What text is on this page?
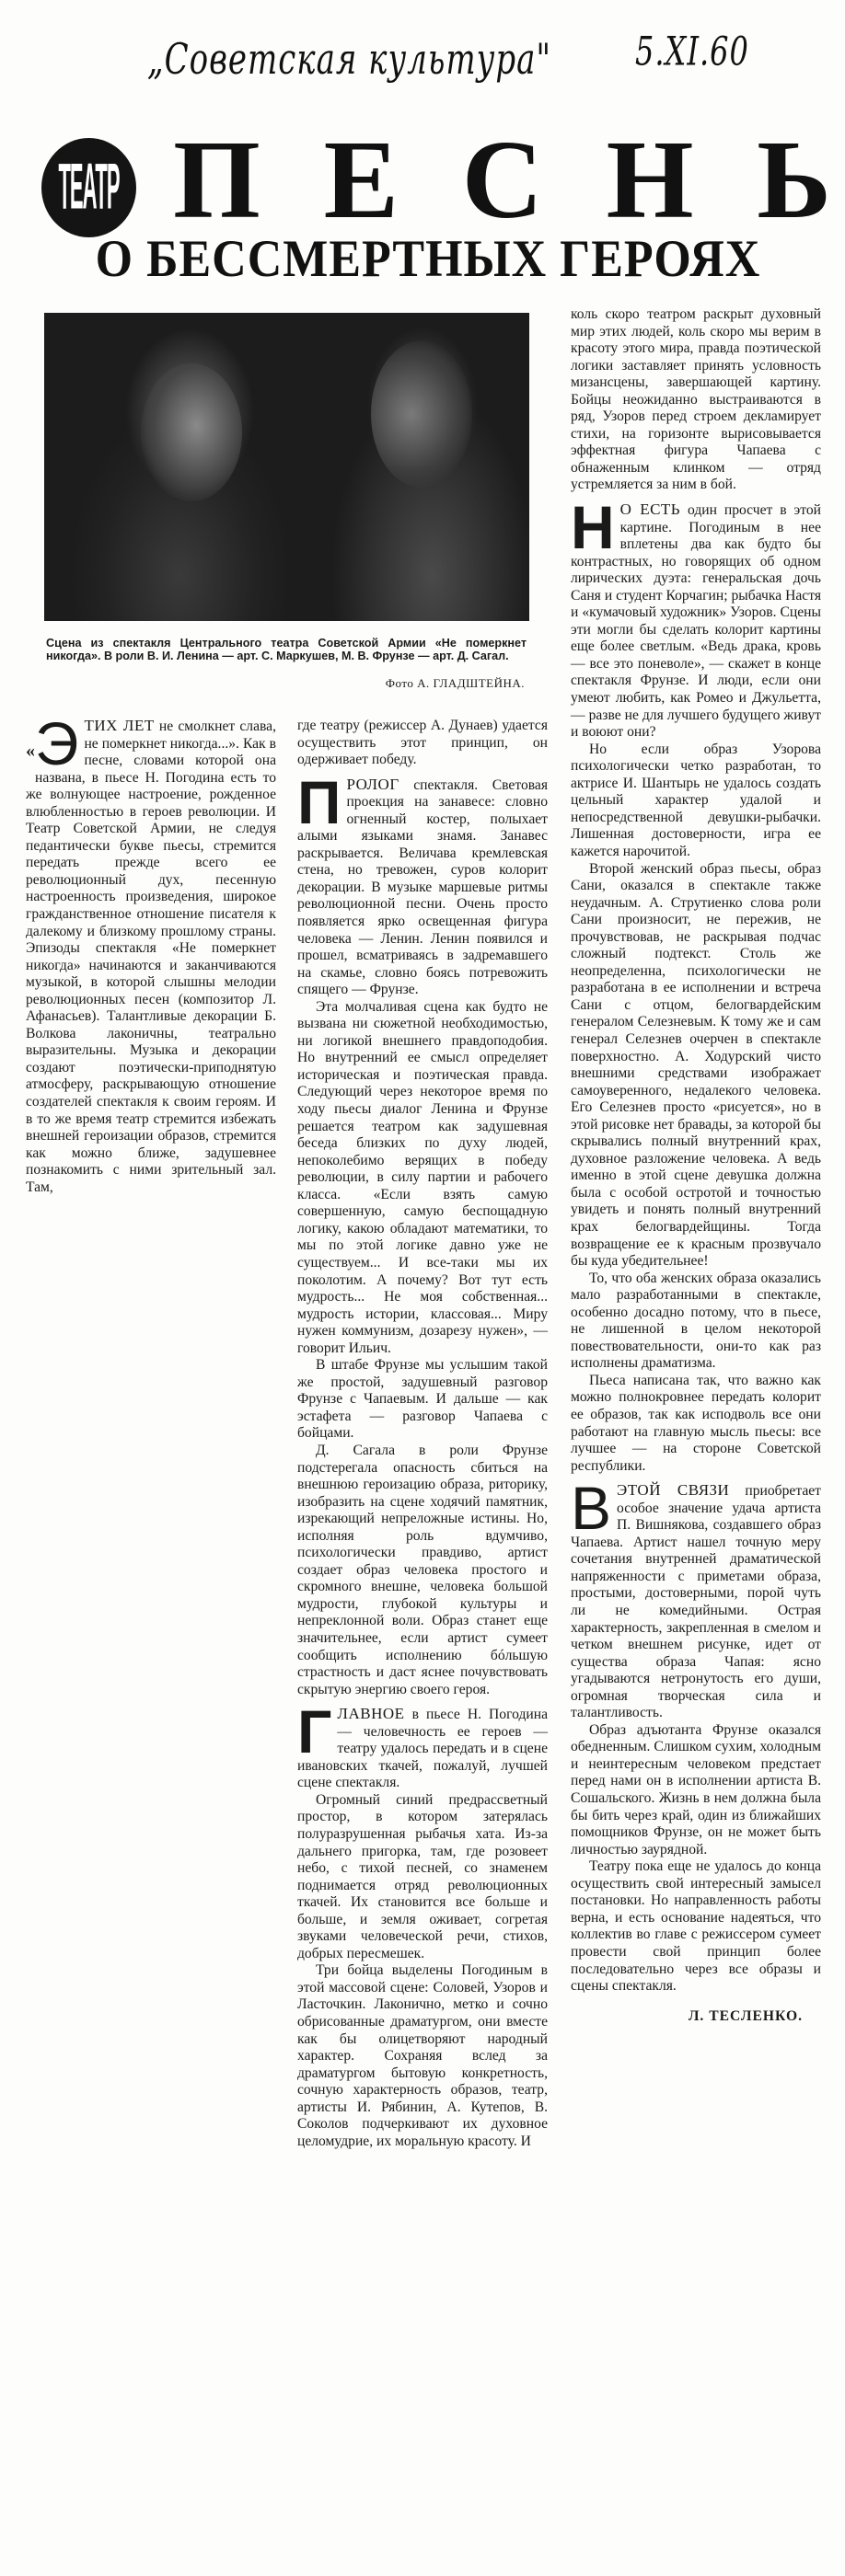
„Советская культура"	5.XI.60
ТЕАТР П Е С Н Ь
О БЕССМЕРТНЫХ ГЕРОЯХ
Сцена из спектакля Центрального театра Советской Армии «Не померкнет никогда». В роли В. И. Ленина — арт. С. Маркушев, М. В. Фрунзе — арт. Д. Сагал.
Фото А. ГЛАДШТЕЙНА.

« Э ТИХ ЛЕТ не смолкнет слава, не померкнет никогда...». Как в песне, словами которой она названа, в пьесе Н. Погодина есть то же волнующее настроение, рожденное влюбленностью в героев революции. И Театр Советской Армии, не следуя педантически букве пьесы, стремится передать прежде всего ее революционный дух, песенную настроенность произведения, широкое гражданственное отношение писателя к далекому и близкому прошлому страны. Эпизоды спектакля «Не померкнет никогда» начинаются и заканчиваются музыкой, в которой слышны мелодии революционных песен (композитор Л. Афанасьев). Талантливые декорации Б. Волкова лаконичны, театрально выразительны. Музыка и декорации создают поэтически-приподнятую атмосферу, раскрывающую отношение создателей спектакля к своим героям. И в то же время театр стремится избежать внешней героизации образов, стремится как можно ближе, задушевнее познакомить с ними зрительный зал. Там,

где театру (режиссер А. Дунаев) удается осуществить этот принцип, он одерживает победу.

ПРОЛОГ спектакля. Световая проекция на занавесе: словно огненный костер, полыхает алыми языками знамя. Занавес раскрывается. Величава кремлевская стена, но тревожен, суров колорит декорации. В музыке маршевые ритмы революционной песни. Очень просто появляется ярко освещенная фигура человека — Ленин. Ленин появился и прошел, всматриваясь в задремавшего на скамье, словно боясь потревожить спящего — Фрунзе.

Эта молчаливая сцена как будто не вызвана ни сюжетной необходимостью, ни логикой внешнего правдоподобия. Но внутренний ее смысл определяет историческая и поэтическая правда. Следующий через некоторое время по ходу пьесы диалог Ленина и Фрунзе решается театром как задушевная беседа близких по духу людей, непоколебимо верящих в победу революции, в силу партии и рабочего класса. «Если взять самую совершенную, самую беспощадную логику, какою обладают математики, то мы по этой логике давно уже не существуем... И все-таки мы их поколотим. А почему? Вот тут есть мудрость... Не моя собственная... мудрость истории, классовая... Миру нужен коммунизм, дозарезу нужен», — говорит Ильич.

В штабе Фрунзе мы услышим такой же простой, задушевный разговор Фрунзе с Чапаевым. И дальше — как эстафета — разговор Чапаева с бойцами.

Д. Сагала в роли Фрунзе подстерегала опасность сбиться на внешнюю героизацию образа, риторику, изобразить на сцене ходячий памятник, изрекающий непреложные истины. Но, исполняя роль вдумчиво, психологически правдиво, артист создает образ человека простого и скромного внешне, человека большой мудрости, глубокой культуры и непреклонной воли. Образ станет еще значительнее, если артист сумеет сообщить исполнению бóльшую страстность и даст яснее почувствовать скрытую энергию своего героя.

ГЛАВНОЕ в пьесе Н. Погодина — человечность ее героев — театру удалось передать и в сцене ивановских ткачей, пожалуй, лучшей сцене спектакля.

Огромный синий предрассветный простор, в котором затерялась полуразрушенная рыбачья хата. Из-за дальнего пригорка, там, где розовеет небо, с тихой песней, со знаменем поднимается отряд революционных ткачей. Их становится все больше и больше, и земля оживает, согретая звуками человеческой речи, стихов, добрых пересмешек.

Три бойца выделены Погодиным в этой массовой сцене: Соловей, Узоров и Ласточкин. Лаконично, метко и сочно обрисованные драматургом, они вместе как бы олицетворяют народный характер. Сохраняя вслед за драматургом бытовую конкретность, сочную характерность образов, театр, артисты И. Рябинин, А. Кутепов, В. Соколов подчеркивают их духовное целомудрие, их моральную красоту. И

коль скоро театром раскрыт духовный мир этих людей, коль скоро мы верим в красоту этого мира, правда поэтической логики заставляет принять условность мизансцены, завершающей картину. Бойцы неожиданно выстраиваются в ряд, Узоров перед строем декламирует стихи, на горизонте вырисовывается эффектная фигура Чапаева с обнаженным клинком — отряд устремляется за ним в бой.

Н О ЕСТЬ один просчет в этой картине. Погодиным в нее вплетены два как будто бы контрастных, но говорящих об одном лирических дуэта: генеральская дочь Саня и студент Корчагин; рыбачка Настя и «кумачовый художник» Узоров. Сцены эти могли бы сделать колорит картины еще более светлым. «Ведь драка, кровь — все это поневоле», — скажет в конце спектакля Фрунзе. И люди, если они умеют любить, как Ромео и Джульетта, — разве не для лучшего будущего живут и воюют они?

Но если образ Узорова психологически четко разработан, то актрисе И. Шантырь не удалось создать цельный характер удалой и непосредственной девушки-рыбачки. Лишенная достоверности, игра ее кажется нарочитой.

Второй женский образ пьесы, образ Сани, оказался в спектакле также неудачным. А. Струтиенко слова роли Сани произносит, не пережив, не прочувствовав, не раскрывая подчас сложный подтекст. Столь же неопределенна, психологически не разработана в ее исполнении и встреча Сани с отцом, белогвардейским генералом Селезневым. К тому же и сам генерал Селезнев очерчен в спектакле поверхностно. А. Ходурский чисто внешними средствами изображает самоуверенного, недалекого человека. Его Селезнев просто «рисуется», но в этой рисовке нет бравады, за которой бы скрывались полный внутренний крах, духовное разложение человека. А ведь именно в этой сцене девушка должна была с особой остротой и точностью увидеть и понять полный внутренний крах белогвардейщины. Тогда возвращение ее к красным прозвучало бы куда убедительнее!

То, что оба женских образа оказались мало разработанными в спектакле, особенно досадно потому, что в пьесе, не лишенной в целом некоторой повествовательности, они-то как раз исполнены драматизма.

Пьеса написана так, что важно как можно полнокровнее передать колорит ее образов, так как исподволь все они работают на главную мысль пьесы: все лучшее — на стороне Советской республики.

ВЭТОЙ СВЯЗИ приобретает особое значение удача артиста П. Вишнякова, создавшего образ Чапаева. Артист нашел точную меру сочетания внутренней драматической напряженности с приметами образа, простыми, достоверными, порой чуть ли не комедийными. Острая характерность, закрепленная в смелом и четком внешнем рисунке, идет от существа образа Чапая: ясно угадываются нетронутость его души, огромная творческая сила и талантливость.

Образ адъютанта Фрунзе оказался обедненным. Слишком сухим, холодным и неинтересным человеком предстает перед нами он в исполнении артиста В. Сошальского. Жизнь в нем должна была бы бить через край, один из ближайших помощников Фрунзе, он не может быть личностью заурядной.

Театру пока еще не удалось до конца осуществить свой интересный замысел постановки. Но направленность работы верна, и есть основание надеяться, что коллектив во главе с режиссером сумеет провести свой принцип более последовательно через все образы и сцены спектакля.

Л. ТЕСЛЕНКО.
